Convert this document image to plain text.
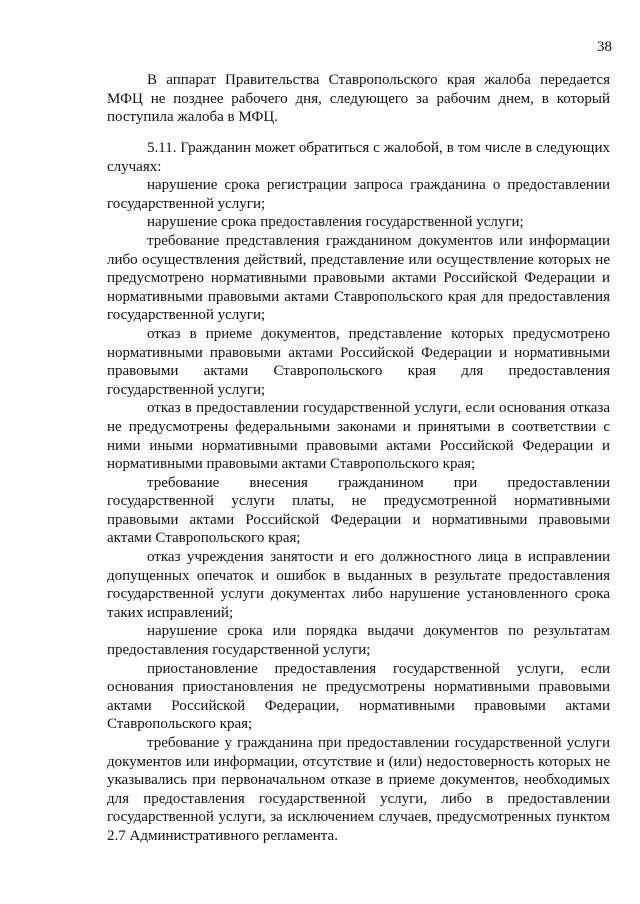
38

В аппарат Правительства Ставропольского края жалоба передается МФЦ не позднее рабочего дня, следующего за рабочим днем, в который поступила жалоба в МФЦ.

5.11. Гражданин может обратиться с жалобой, в том числе в следующих случаях:

нарушение срока регистрации запроса гражданина о предоставлении государственной услуги;

нарушение срока предоставления государственной услуги;

требование представления гражданином документов или информации либо осуществления действий, представление или осуществление которых не предусмотрено нормативными правовыми актами Российской Федерации и нормативными правовыми актами Ставропольского края для предоставления государственной услуги;

отказ в приеме документов, представление которых предусмотрено нормативными правовыми актами Российской Федерации и нормативными правовыми актами Ставропольского края для предоставления государственной услуги;

отказ в предоставлении государственной услуги, если основания отказа не предусмотрены федеральными законами и принятыми в соответствии с ними иными нормативными правовыми актами Российской Федерации и нормативными правовыми актами Ставропольского края;

требование внесения гражданином при предоставлении государственной услуги платы, не предусмотренной нормативными правовыми актами Российской Федерации и нормативными правовыми актами Ставропольского края;

отказ учреждения занятости и его должностного лица в исправлении допущенных опечаток и ошибок в выданных в результате предоставления государственной услуги документах либо нарушение установленного срока таких исправлений;

нарушение срока или порядка выдачи документов по результатам предоставления государственной услуги;

приостановление предоставления государственной услуги, если основания приостановления не предусмотрены нормативными правовыми актами Российской Федерации, нормативными правовыми актами Ставропольского края;

требование у гражданина при предоставлении государственной услуги документов или информации, отсутствие и (или) недостоверность которых не указывались при первоначальном отказе в приеме документов, необходимых для предоставления государственной услуги, либо в предоставлении государственной услуги, за исключением случаев, предусмотренных пунктом 2.7 Административного регламента.
